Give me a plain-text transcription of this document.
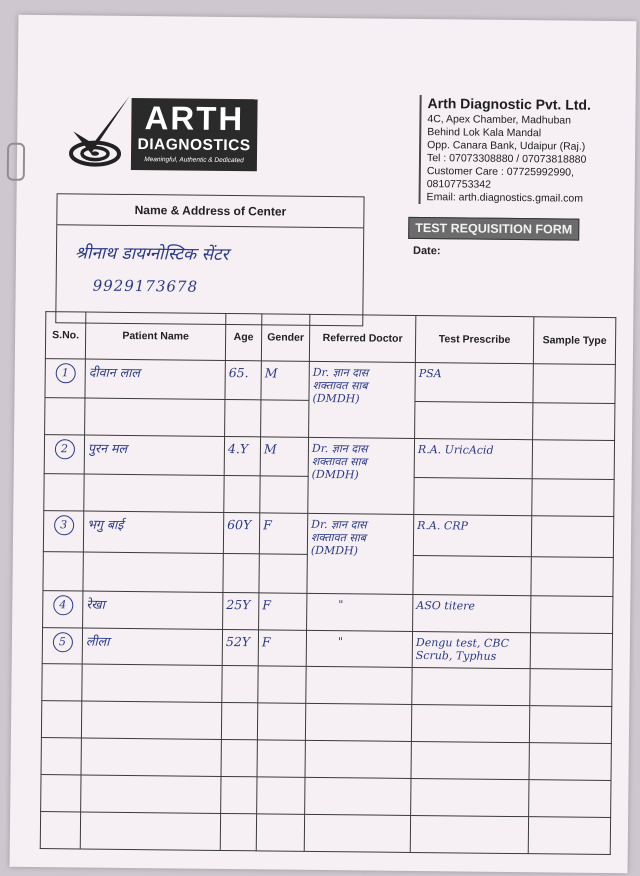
ARTH
DIAGNOSTICS
Meaningful, Authentic & Dedicated
Arth Diagnostic Pvt. Ltd.
4C, Apex Chamber, Madhuban
Behind Lok Kala Mandal
Opp. Canara Bank, Udaipur (Raj.)
Tel : 07073308880 / 07073818880
Customer Care : 07725992990, 08107753342
Email: arth.diagnostics.gmail.com
Name & Address of Center
श्रीनाथ डायग्नोस्टिक सेंटर
9929173678
TEST REQUISITION FORM
Date:
S.No.	Patient Name	Age	Gender	Referred Doctor	Test Prescribe	Sample Type
1	दीवान लाल	65.	M	Dr. ज्ञान दास
शक्तावत साब
(DMDH)	PSA	

2	पुरन मल	4.Y	M	Dr. ज्ञान दास
शक्तावत साब
(DMDH)	R.A. UricAcid	

3	भगु बाई	60Y	F	Dr. ज्ञान दास
शक्तावत साब
(DMDH)	R.A. CRP	

4	रेखा	25Y	F	"	ASO titere	
5	लीला	52Y	F	"	Dengu test, CBC Scrub, Typhus	
